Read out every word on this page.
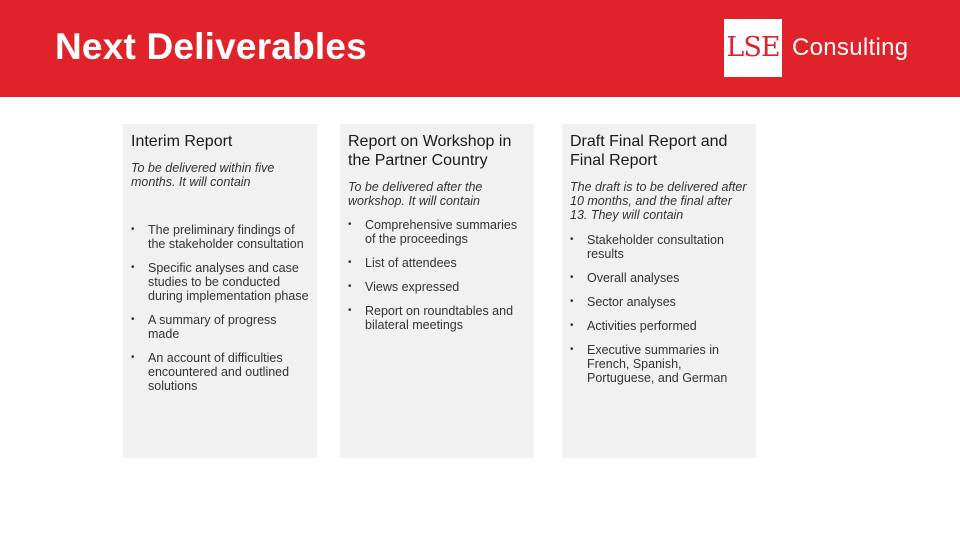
Next Deliverables	LSE Consulting
Interim Report
To be delivered within five months. It will contain
• The preliminary findings of the stakeholder consultation
• Specific analyses and case studies to be conducted during implementation phase
• A summary of progress made
• An account of difficulties encountered and outlined solutions
Report on Workshop in the Partner Country
To be delivered after the workshop. It will contain
• Comprehensive summaries of the proceedings
• List of attendees
• Views expressed
• Report on roundtables and bilateral meetings
Draft Final Report and Final Report
The draft is to be delivered after 10 months, and the final after 13. They will contain
• Stakeholder consultation results
• Overall analyses
• Sector analyses
• Activities performed
• Executive summaries in French, Spanish, Portuguese, and German
